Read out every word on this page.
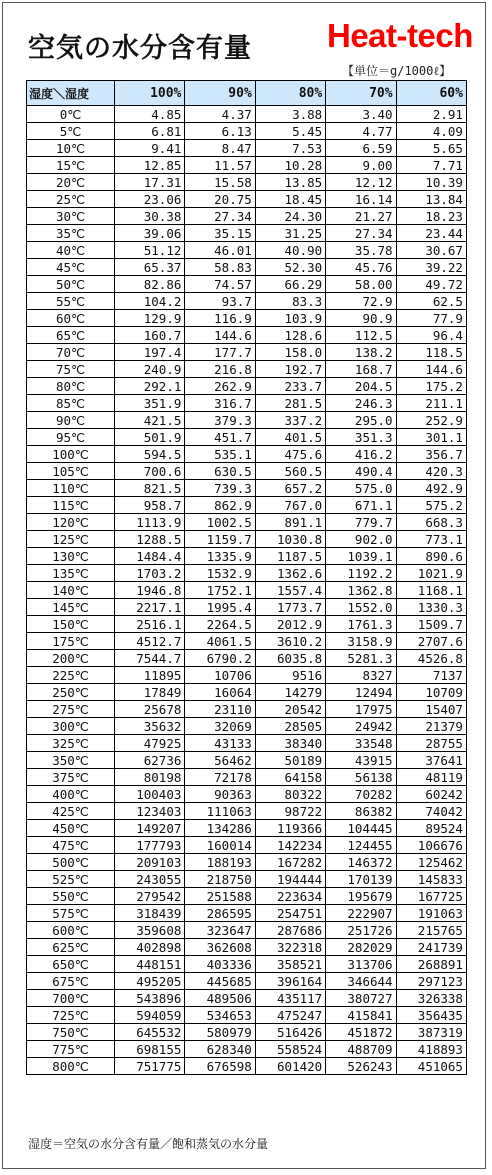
空気の水分含有量 Heat-tech
【単位＝g/1000ℓ】
湿度＼湿度	100%	90%	80%	70%	60%
0℃	4.85	4.37	3.88	3.40	2.91
5℃	6.81	6.13	5.45	4.77	4.09
10℃	9.41	8.47	7.53	6.59	5.65
15℃	12.85	11.57	10.28	9.00	7.71
20℃	17.31	15.58	13.85	12.12	10.39
25℃	23.06	20.75	18.45	16.14	13.84
30℃	30.38	27.34	24.30	21.27	18.23
35℃	39.06	35.15	31.25	27.34	23.44
40℃	51.12	46.01	40.90	35.78	30.67
45℃	65.37	58.83	52.30	45.76	39.22
50℃	82.86	74.57	66.29	58.00	49.72
55℃	104.2	93.7	83.3	72.9	62.5
60℃	129.9	116.9	103.9	90.9	77.9
65℃	160.7	144.6	128.6	112.5	96.4
70℃	197.4	177.7	158.0	138.2	118.5
75℃	240.9	216.8	192.7	168.7	144.6
80℃	292.1	262.9	233.7	204.5	175.2
85℃	351.9	316.7	281.5	246.3	211.1
90℃	421.5	379.3	337.2	295.0	252.9
95℃	501.9	451.7	401.5	351.3	301.1
100℃	594.5	535.1	475.6	416.2	356.7
105℃	700.6	630.5	560.5	490.4	420.3
110℃	821.5	739.3	657.2	575.0	492.9
115℃	958.7	862.9	767.0	671.1	575.2
120℃	1113.9	1002.5	891.1	779.7	668.3
125℃	1288.5	1159.7	1030.8	902.0	773.1
130℃	1484.4	1335.9	1187.5	1039.1	890.6
135℃	1703.2	1532.9	1362.6	1192.2	1021.9
140℃	1946.8	1752.1	1557.4	1362.8	1168.1
145℃	2217.1	1995.4	1773.7	1552.0	1330.3
150℃	2516.1	2264.5	2012.9	1761.3	1509.7
175℃	4512.7	4061.5	3610.2	3158.9	2707.6
200℃	7544.7	6790.2	6035.8	5281.3	4526.8
225℃	11895	10706	9516	8327	7137
250℃	17849	16064	14279	12494	10709
275℃	25678	23110	20542	17975	15407
300℃	35632	32069	28505	24942	21379
325℃	47925	43133	38340	33548	28755
350℃	62736	56462	50189	43915	37641
375℃	80198	72178	64158	56138	48119
400℃	100403	90363	80322	70282	60242
425℃	123403	111063	98722	86382	74042
450℃	149207	134286	119366	104445	89524
475℃	177793	160014	142234	124455	106676
500℃	209103	188193	167282	146372	125462
525℃	243055	218750	194444	170139	145833
550℃	279542	251588	223634	195679	167725
575℃	318439	286595	254751	222907	191063
600℃	359608	323647	287686	251726	215765
625℃	402898	362608	322318	282029	241739
650℃	448151	403336	358521	313706	268891
675℃	495205	445685	396164	346644	297123
700℃	543896	489506	435117	380727	326338
725℃	594059	534653	475247	415841	356435
750℃	645532	580979	516426	451872	387319
775℃	698155	628340	558524	488709	418893
800℃	751775	676598	601420	526243	451065
湿度＝空気の水分含有量／飽和蒸気の水分量
